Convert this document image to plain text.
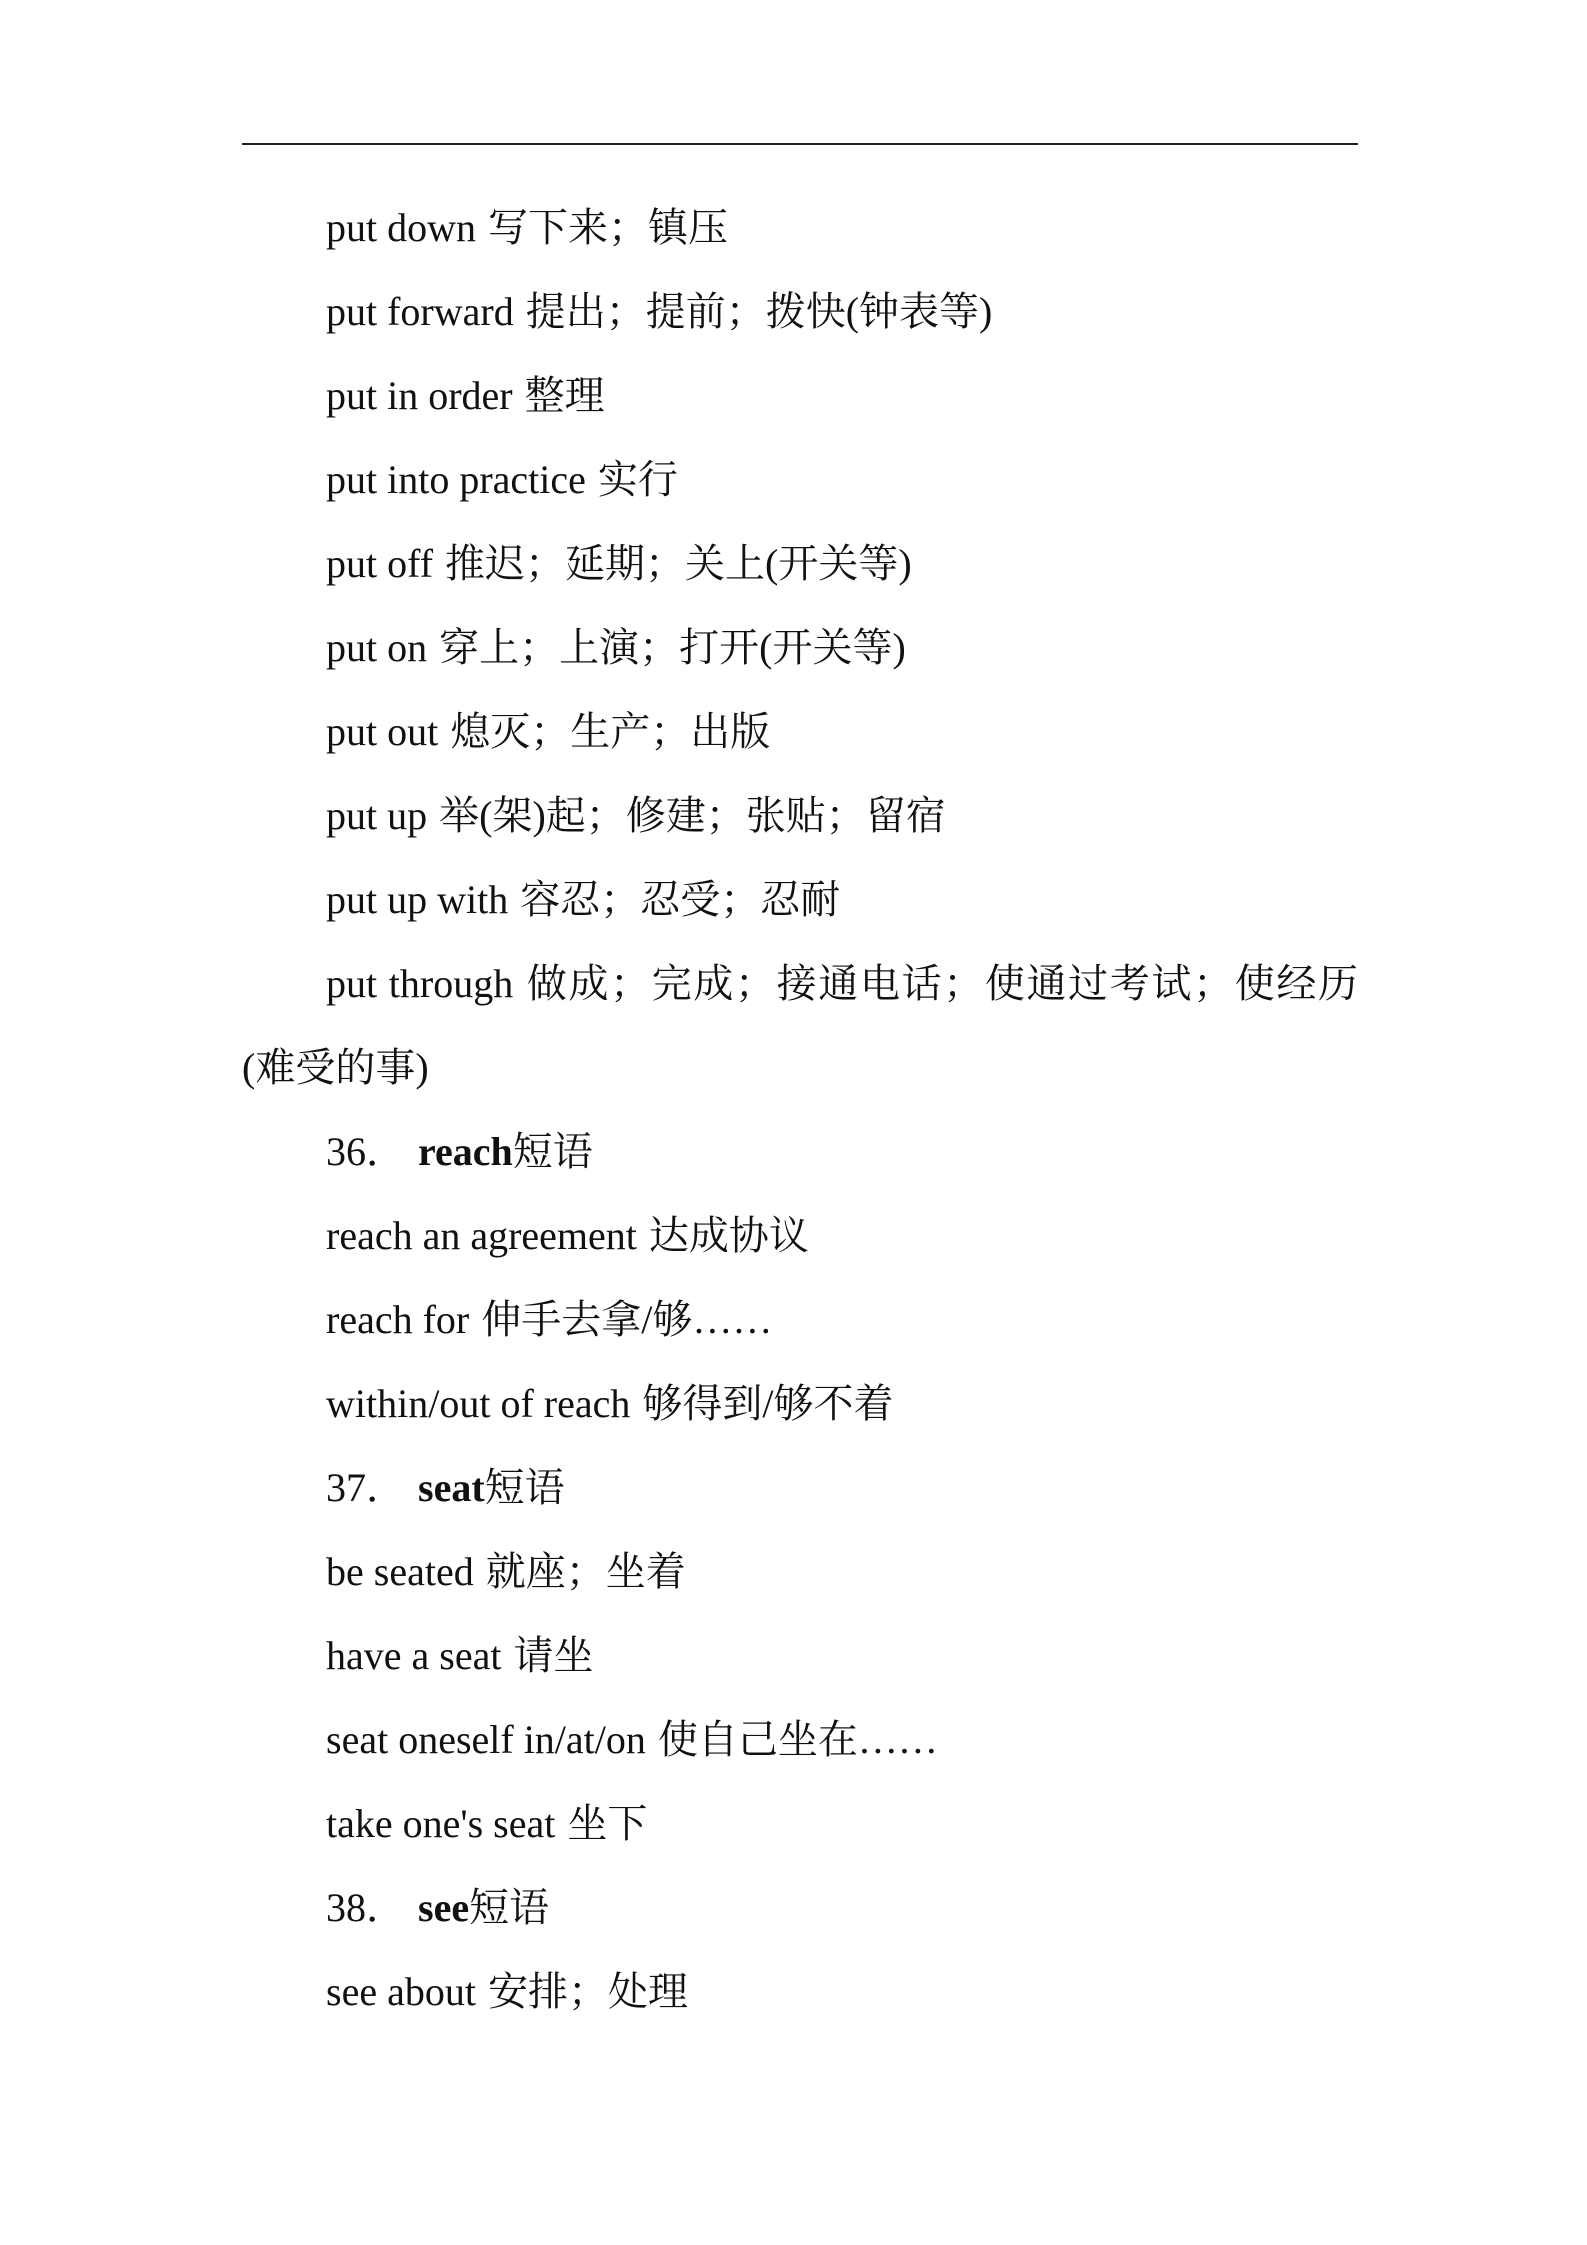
put down 写下来；镇压
put forward 提出；提前；拨快(钟表等)
put in order 整理
put into practice 实行
put off 推迟；延期；关上(开关等)
put on 穿上；上演；打开(开关等)
put out 熄灭；生产；出版
put up 举(架)起；修建；张贴；留宿
put up with 容忍；忍受；忍耐
put through 做成；完成；接通电话；使通过考试；使经历(难受的事)
36． reach短语
reach an agreement 达成协议
reach for 伸手去拿/够……
within/out of reach 够得到/够不着
37． seat短语
be seated 就座；坐着
have a seat 请坐
seat oneself in/at/on 使自己坐在……
take one's seat 坐下
38． see短语
see about 安排；处理
